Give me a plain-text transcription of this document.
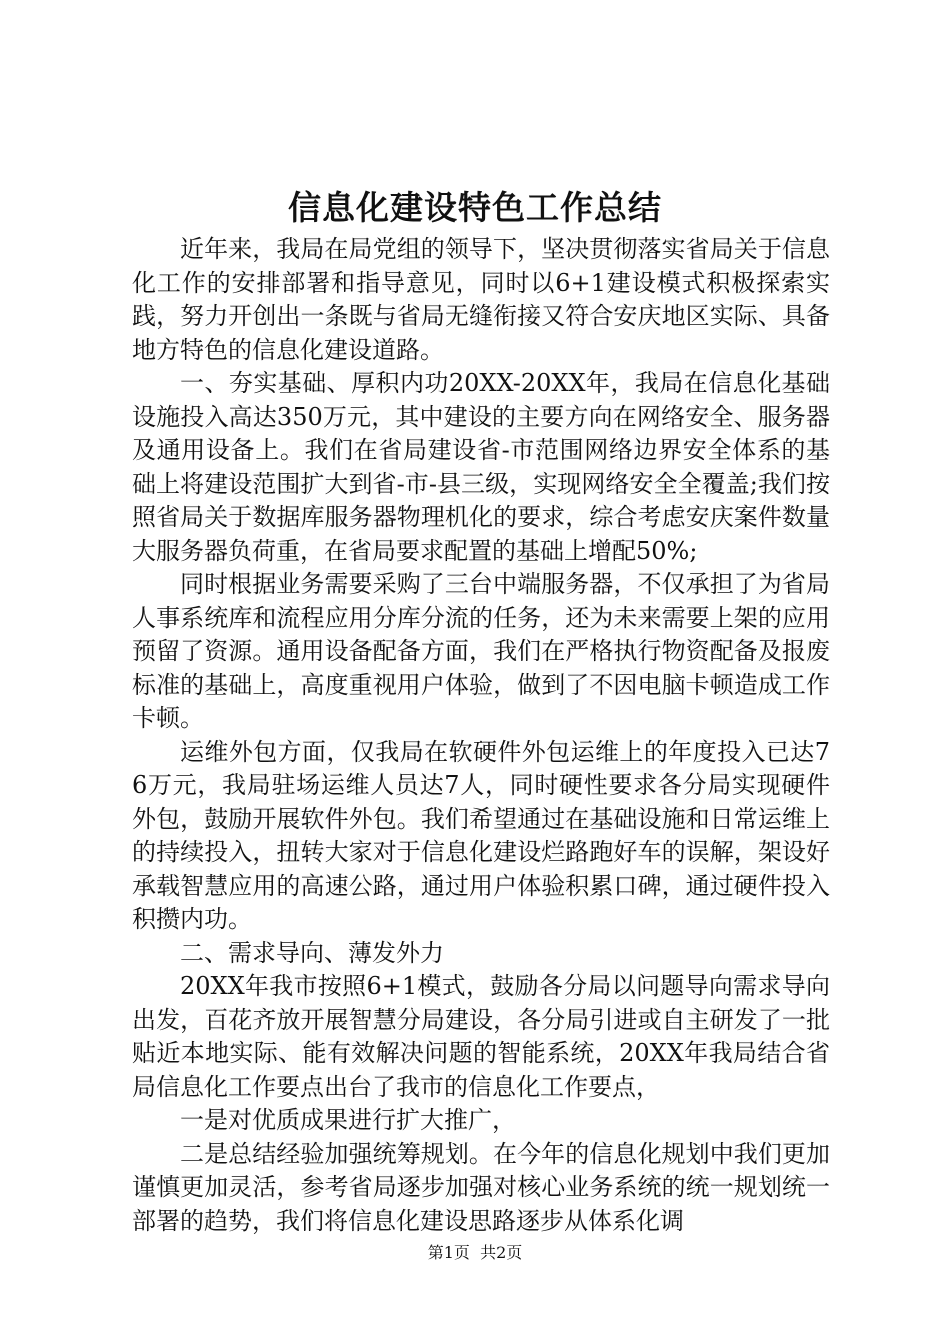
信息化建设特色工作总结

近年来，我局在局党组的领导下，坚决贯彻落实省局关于信息化工作的安排部署和指导意见，同时以6+1建设模式积极探索实践，努力开创出一条既与省局无缝衔接又符合安庆地区实际、具备地方特色的信息化建设道路。

一、夯实基础、厚积内功20XX-20XX年，我局在信息化基础设施投入高达350万元，其中建设的主要方向在网络安全、服务器及通用设备上。我们在省局建设省-市范围网络边界安全体系的基础上将建设范围扩大到省-市-县三级，实现网络安全全覆盖;我们按照省局关于数据库服务器物理机化的要求，综合考虑安庆案件数量大服务器负荷重，在省局要求配置的基础上增配50%;

同时根据业务需要采购了三台中端服务器，不仅承担了为省局人事系统库和流程应用分库分流的任务，还为未来需要上架的应用预留了资源。通用设备配备方面，我们在严格执行物资配备及报废标准的基础上，高度重视用户体验，做到了不因电脑卡顿造成工作卡顿。

运维外包方面，仅我局在软硬件外包运维上的年度投入已达76万元，我局驻场运维人员达7人，同时硬性要求各分局实现硬件外包，鼓励开展软件外包。我们希望通过在基础设施和日常运维上的持续投入，扭转大家对于信息化建设烂路跑好车的误解，架设好承载智慧应用的高速公路，通过用户体验积累口碑，通过硬件投入积攒内功。

二、需求导向、薄发外力

20XX年我市按照6+1模式，鼓励各分局以问题导向需求导向出发，百花齐放开展智慧分局建设，各分局引进或自主研发了一批贴近本地实际、能有效解决问题的智能系统，20XX年我局结合省局信息化工作要点出台了我市的信息化工作要点，

一是对优质成果进行扩大推广，

二是总结经验加强统筹规划。在今年的信息化规划中我们更加谨慎更加灵活，参考省局逐步加强对核心业务系统的统一规划统一部署的趋势，我们将信息化建设思路逐步从体系化调

第1页 共2页
